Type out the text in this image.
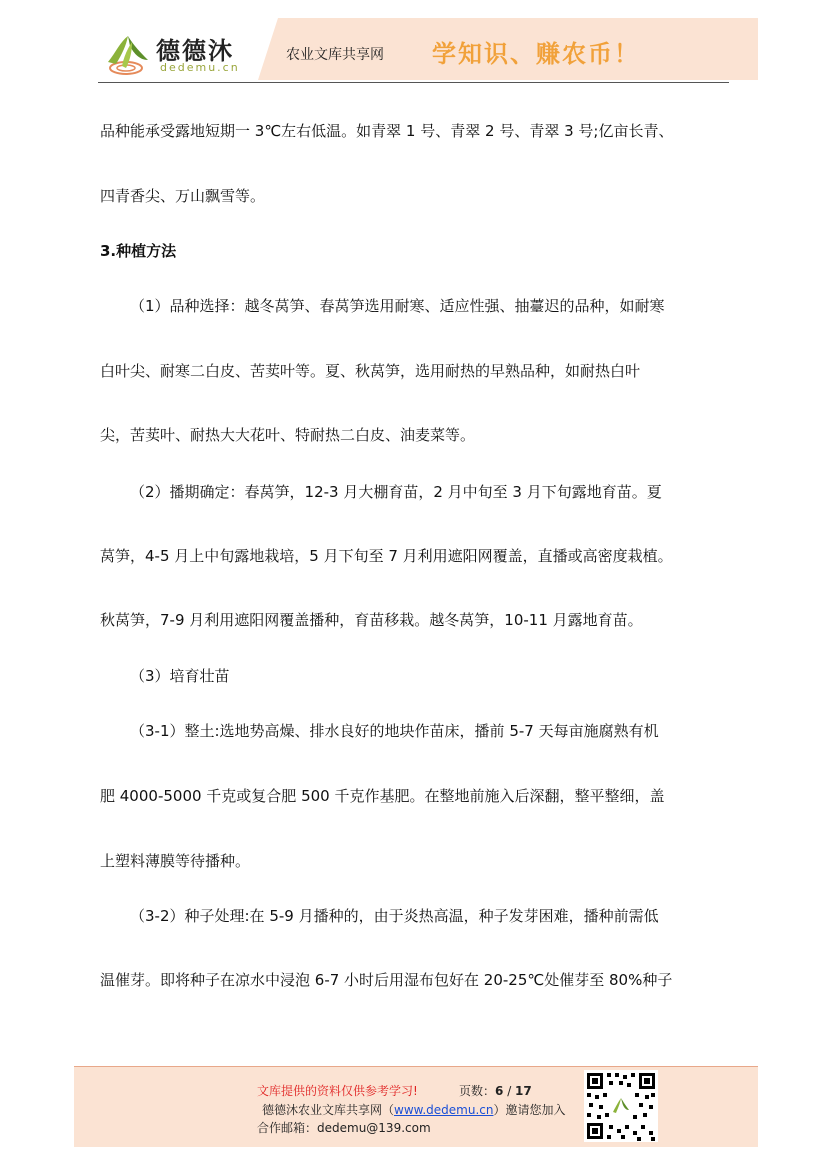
德德沐
dedemu.cn
农业文库共享网 学知识、赚农币！
品种能承受露地短期一 3℃左右低温。如青翠 1 号、青翠 2 号、青翠 3 号;亿亩长青、
四青香尖、万山飘雪等。
3.种植方法
（1）品种选择：越冬莴笋、春莴笋选用耐寒、适应性强、抽薹迟的品种，如耐寒
白叶尖、耐寒二白皮、苦荬叶等。夏、秋莴笋，选用耐热的早熟品种，如耐热白叶
尖，苦荬叶、耐热大大花叶、特耐热二白皮、油麦菜等。
（2）播期确定：春莴笋，12-3 月大棚育苗，2 月中旬至 3 月下旬露地育苗。夏
莴笋，4-5 月上中旬露地栽培，5 月下旬至 7 月利用遮阳网覆盖，直播或高密度栽植。
秋莴笋，7-9 月利用遮阳网覆盖播种，育苗移栽。越冬莴笋，10-11 月露地育苗。
（3）培育壮苗
（3-1）整土:选地势高燥、排水良好的地块作苗床，播前 5-7 天每亩施腐熟有机
肥 4000-5000 千克或复合肥 500 千克作基肥。在整地前施入后深翻，整平整细，盖
上塑料薄膜等待播种。
（3-2）种子处理:在 5-9 月播种的，由于炎热高温，种子发芽困难，播种前需低
温催芽。即将种子在凉水中浸泡 6-7 小时后用湿布包好在 20-25℃处催芽至 80%种子
文库提供的资料仅供参考学习!	页数：6 / 17
德德沐农业文库共享网（www.dedemu.cn）邀请您加入
合作邮箱：dedemu@139.com
